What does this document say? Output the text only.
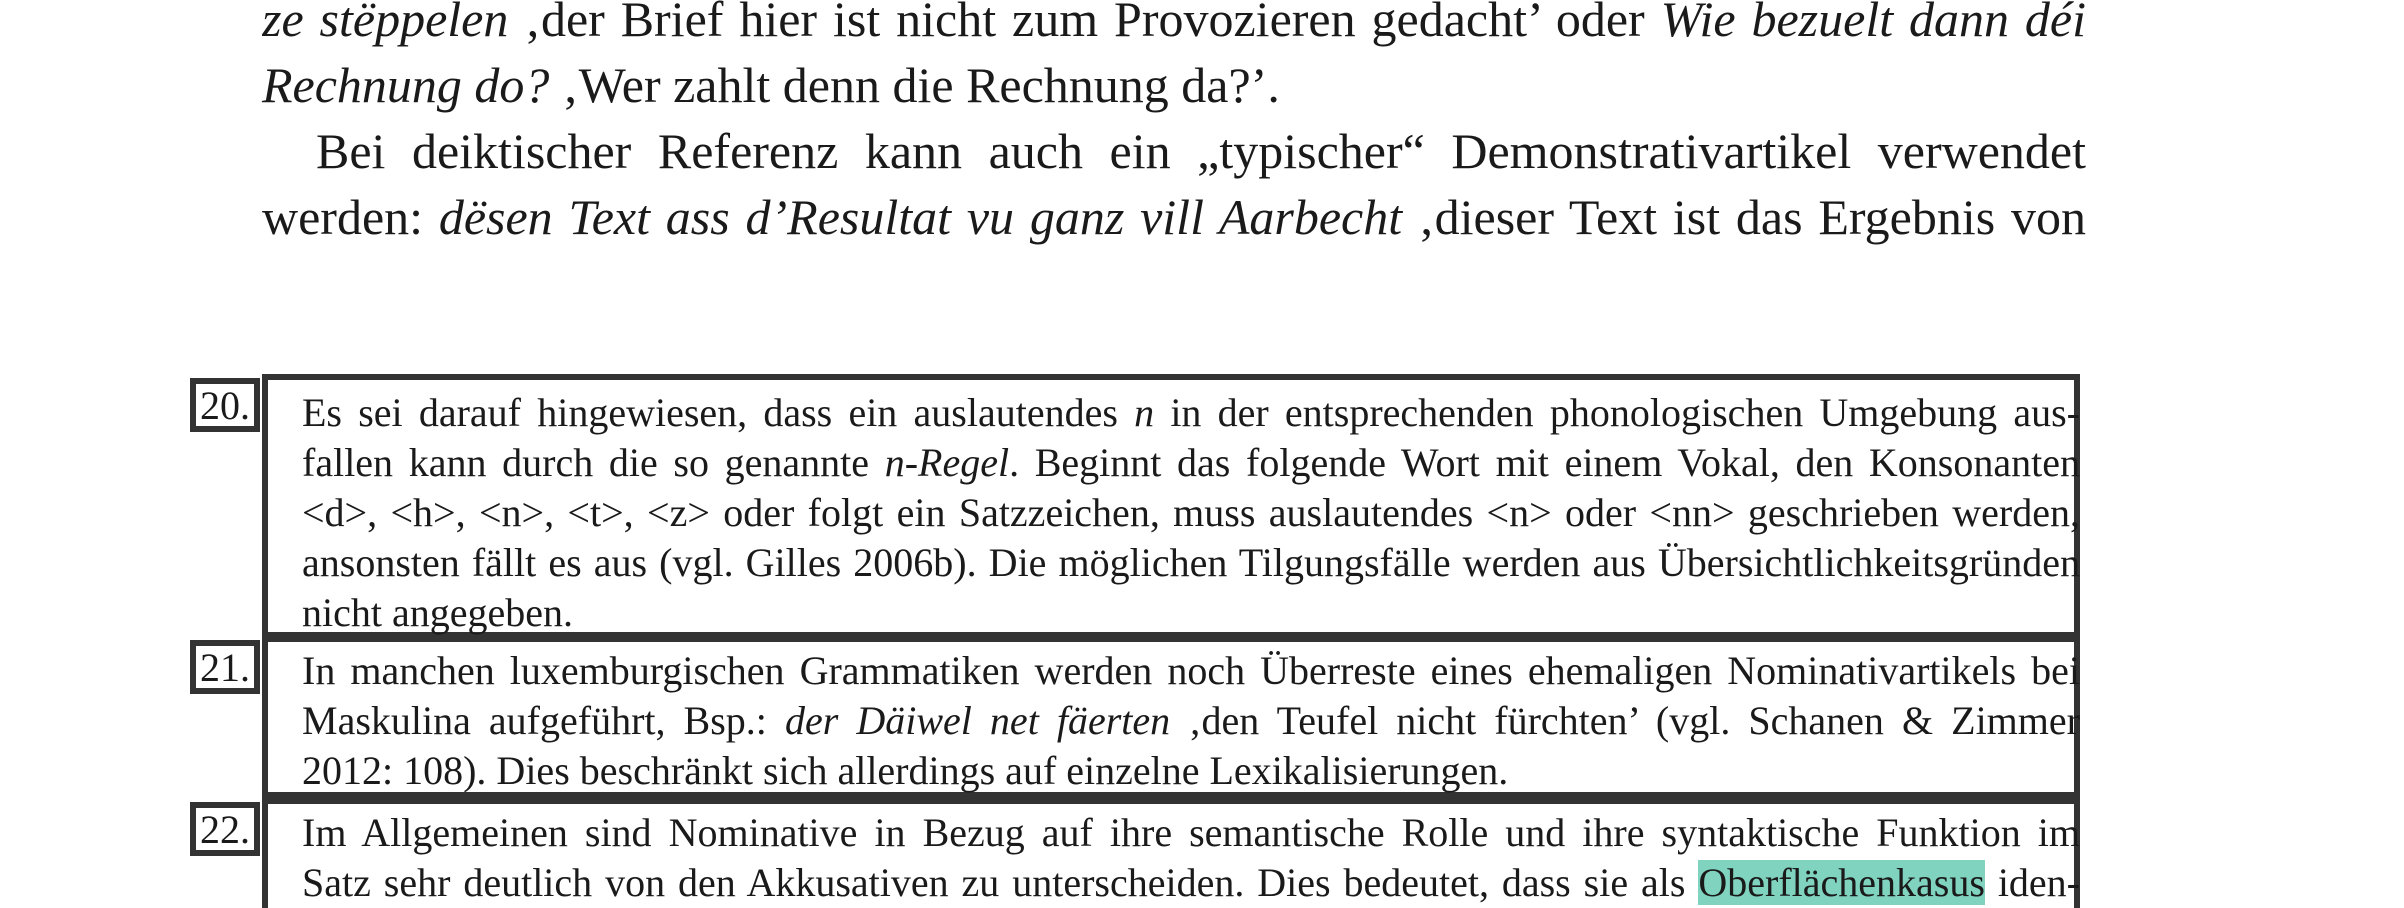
ze stëppelen ‚der Brief hier ist nicht zum Provozieren gedacht’ oder Wie bezuelt dann déi
Rechnung do? ‚Wer zahlt denn die Rechnung da?’.
Bei deiktischer Referenz kann auch ein „typischer“ Demonstrativartikel verwendet
werden: dësen Text ass d’Resultat vu ganz vill Aarbecht ‚dieser Text ist das Ergebnis von
20. Es sei darauf hingewiesen, dass ein auslautendes n in der entsprechenden phonologischen Umgebung aus-
fallen kann durch die so genannte n-Regel. Beginnt das folgende Wort mit einem Vokal, den Konsonanten
<d>, <h>, <n>, <t>, <z> oder folgt ein Satzzeichen, muss auslautendes <n> oder <nn> geschrieben werden,
ansonsten fällt es aus (vgl. Gilles 2006b). Die möglichen Tilgungsfälle werden aus Übersichtlichkeitsgründen
nicht angegeben.
21. In manchen luxemburgischen Grammatiken werden noch Überreste eines ehemaligen Nominativartikels bei
Maskulina aufgeführt, Bsp.: der Däiwel net fäerten ‚den Teufel nicht fürchten’ (vgl. Schanen & Zimmer
2012: 108). Dies beschränkt sich allerdings auf einzelne Lexikalisierungen.
22. Im Allgemeinen sind Nominative in Bezug auf ihre semantische Rolle und ihre syntaktische Funktion im
Satz sehr deutlich von den Akkusativen zu unterscheiden. Dies bedeutet, dass sie als Oberflächenkasus iden-
